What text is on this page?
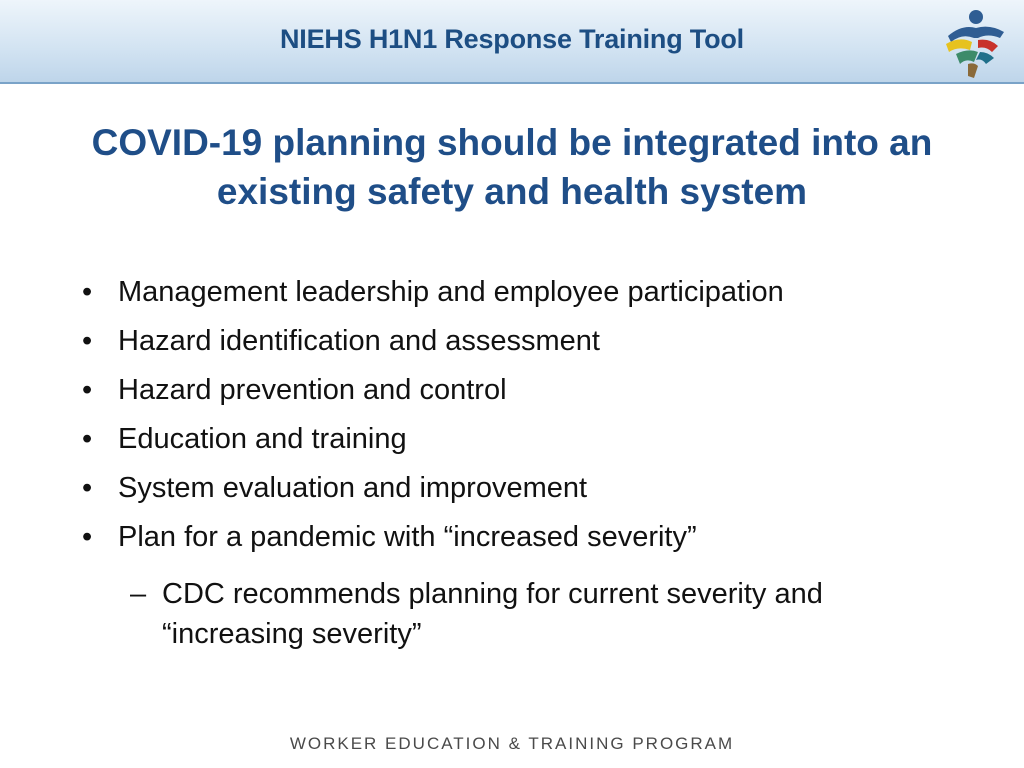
NIEHS H1N1 Response Training Tool
COVID-19 planning should be integrated into an existing safety and health system
• Management leadership and employee participation
• Hazard identification and assessment
• Hazard prevention and control
• Education and training
• System evaluation and improvement
• Plan for a pandemic with “increased severity”
– CDC recommends planning for current severity and “increasing severity”
WORKER EDUCATION & TRAINING PROGRAM
